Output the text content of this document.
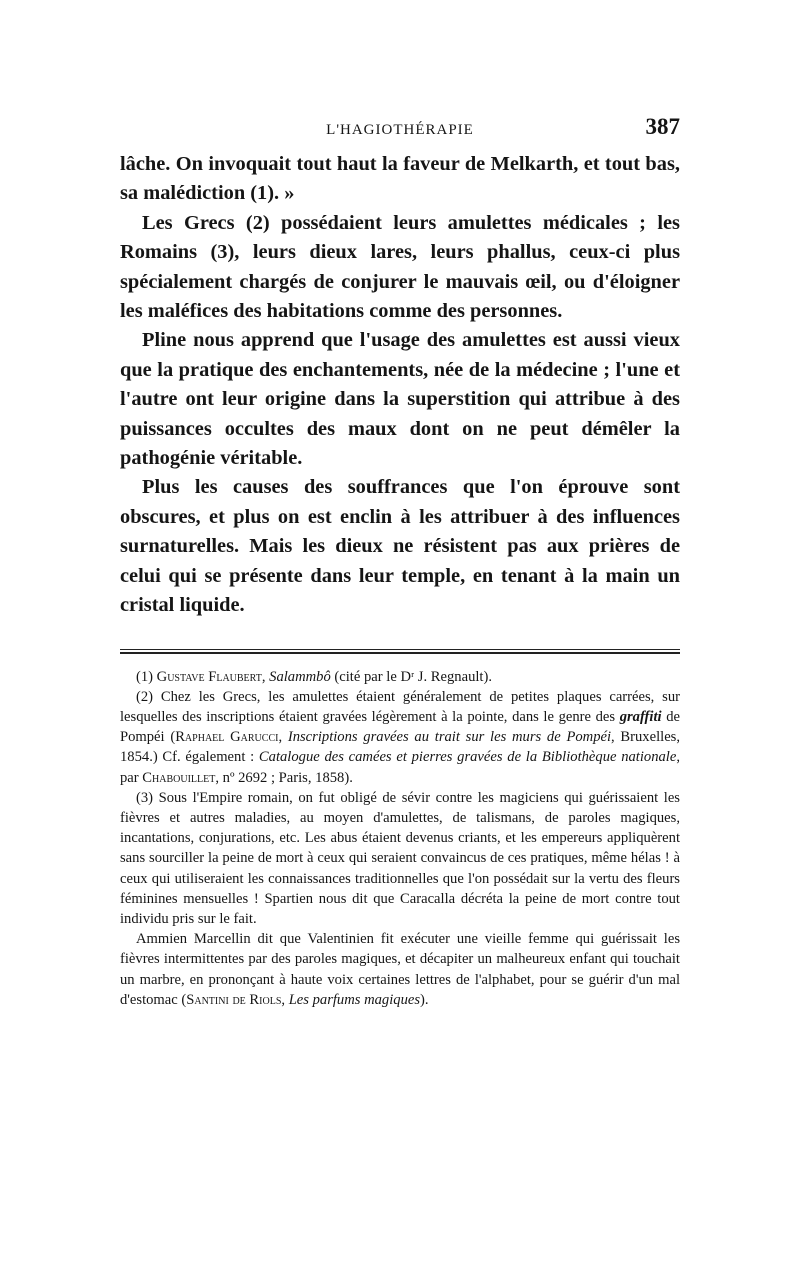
L'HAGIOTHÉRAPIE	387

lâche. On invoquait tout haut la faveur de Melkarth, et tout bas, sa malédiction (1). »

Les Grecs (2) possédaient leurs amulettes médicales ; les Romains (3), leurs dieux lares, leurs phallus, ceux-ci plus spécialement chargés de conjurer le mauvais œil, ou d'éloigner les maléfices des habitations comme des personnes.

Pline nous apprend que l'usage des amulettes est aussi vieux que la pratique des enchantements, née de la médecine ; l'une et l'autre ont leur origine dans la superstition qui attribue à des puissances occultes des maux dont on ne peut démêler la pathogénie véritable.

Plus les causes des souffrances que l'on éprouve sont obscures, et plus on est enclin à les attribuer à des influences surnaturelles. Mais les dieux ne résistent pas aux prières de celui qui se présente dans leur temple, en tenant à la main un cristal liquide.

(1) Gustave Flaubert, Salammbô (cité par le Dʳ J. Regnault).

(2) Chez les Grecs, les amulettes étaient généralement de petites plaques carrées, sur lesquelles des inscriptions étaient gravées légèrement à la pointe, dans le genre des graffiti de Pompéi (Raphael Garucci, Inscriptions gravées au trait sur les murs de Pompéi, Bruxelles, 1854.) Cf. également : Catalogue des camées et pierres gravées de la Bibliothèque nationale, par Chabouillet, nº 2692 ; Paris, 1858).

(3) Sous l'Empire romain, on fut obligé de sévir contre les magiciens qui guérissaient les fièvres et autres maladies, au moyen d'amulettes, de talismans, de paroles magiques, incantations, conjurations, etc. Les abus étaient devenus criants, et les empereurs appliquèrent sans sourciller la peine de mort à ceux qui seraient convaincus de ces pratiques, même hélas ! à ceux qui utiliseraient les connaissances traditionnelles que l'on possédait sur la vertu des fleurs féminines mensuelles ! Spartien nous dit que Caracalla décréta la peine de mort contre tout individu pris sur le fait.

Ammien Marcellin dit que Valentinien fit exécuter une vieille femme qui guérissait les fièvres intermittentes par des paroles magiques, et décapiter un malheureux enfant qui touchait un marbre, en prononçant à haute voix certaines lettres de l'alphabet, pour se guérir d'un mal d'estomac (Santini de Riols, Les parfums magiques).
